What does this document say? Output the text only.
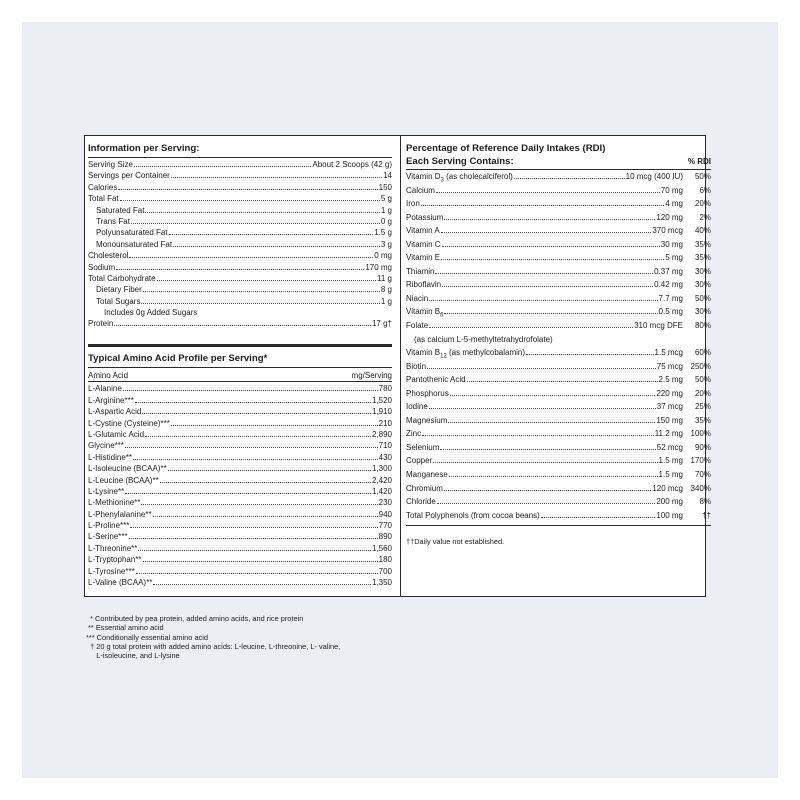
Information per Serving:
Serving Size	About 2 Scoops (42 g)
Servings per Container	14
Calories	150
Total Fat	5 g
Saturated Fat	1 g
Trans Fat	0 g
Polyunsaturated Fat	1.5 g
Monounsaturated Fat	3 g
Cholesterol	0 mg
Sodium	170 mg
Total Carbohydrate	11 g
Dietary Fiber	8 g
Total Sugars	1 g
Includes 0g Added Sugars
Protein	17 g†
Typical Amino Acid Profile per Serving*
Amino Acid	mg/Serving
L-Alanine	780
L-Arginine***	1,520
L-Aspartic Acid	1,910
L-Cystine (Cysteine)***	210
L-Glutamic Acid	2,890
Glycine***	710
L-Histidine**	430
L-Isoleucine (BCAA)**	1,300
L-Leucine (BCAA)**	2,420
L-Lysine**	1,420
L-Methionine**	230
L-Phenylalanine**	940
L-Proline***	770
L-Serine***	890
L-Threonine**	1,560
L-Tryptophan**	180
L-Tyrosine***	700
L-Valine (BCAA)**	1,350
Percentage of Reference Daily Intakes (RDI)
Each Serving Contains:	% RDI
Vitamin $D_3$ (as cholecalciferol)	10 mcg (400 IU)	50%
Calcium	70 mg	6%
Iron	4 mg	20%
Potassium	120 mg	2%
Vitamin A	370 mcg	40%
Vitamin C	30 mg	35%
Vitamin E	5 mg	35%
Thiamin	0.37 mg	30%
Riboflavin	0.42 mg	30%
Niacin	7.7 mg	50%
Vitamin $B_6$	0.5 mg	30%
Folate	310 mcg DFE	80%
(as calcium L-5-methyltetrahydrofolate)
Vitamin $B_{12}$ (as methylcobalamin)	1.5 mcg	60%
Biotin	75 mcg 250%
Pantothenic Acid	2.5 mg	50%
Phosphorus	220 mg	20%
Iodine	37 mcg	25%
Magnesium	150 mg	35%
Zinc	11.2 mg 100%
Selenium	52 mcg	90%
Copper	1.5 mg 170%
Manganese	1.5 mg	70%
Chromium	120 mcg 340%
Chloride	200 mg	8%
Total Polyphenols (from cocoa beans)	100 mg	††
††Daily value not established.
* Contributed by pea protein, added amino acids, and rice protein
** Essential amino acid
*** Conditionally essential amino acid
† 20 g total protein with added amino acids: L-leucine, L-threonine, L- valine,
L-isoleucine, and L-lysine
